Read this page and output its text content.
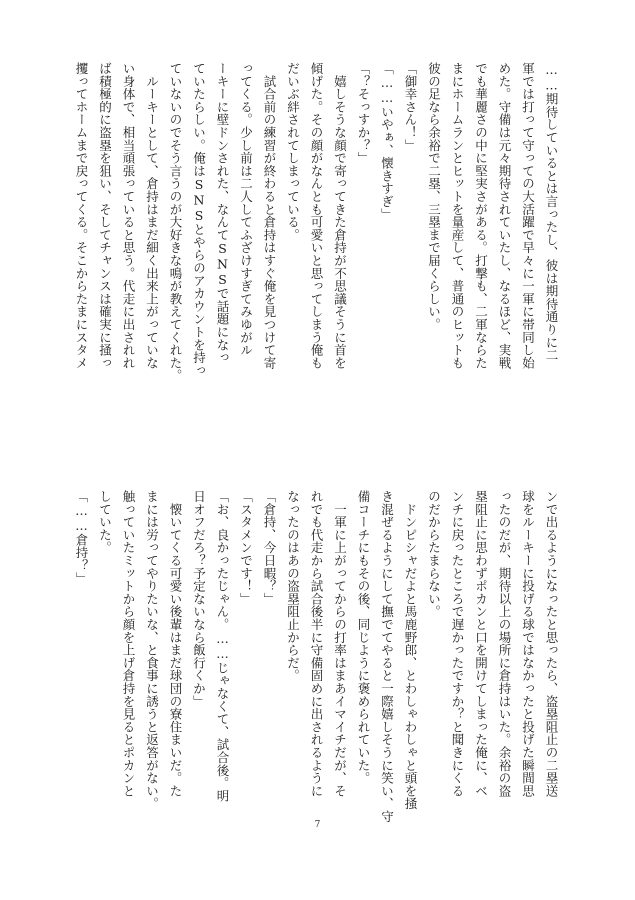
……期待しているとは言ったし、彼は期待通りに二
軍では打って守っての大活躍で早々に一軍に帯同し始
めた。守備は元々期待されていたし、なるほど、実戦
でも華麗さの中に堅実さがある。打撃も、二軍ならた
まにホームランとヒットを量産して、普通のヒットも
彼の足なら余裕で二塁、三塁まで届くらしい。
「御幸さん！」
「……いやぁ、懐きすぎ」
「？そっすか？」
　嬉しそうな顔で寄ってきた倉持が不思議そうに首を
傾げた。その顔がなんとも可愛いと思ってしまう俺も
だいぶ絆されてしまっている。
　試合前の練習が終わると倉持はすぐ俺を見つけて寄
ってくる。少し前は二人してふざけすぎてみゆがル
ーキーに壁ドンされた、なんてSNSで話題になっ
ていたらしい。俺はSNSとやらのアカウントを持っ
ていないのでそう言うのが大好きな鳴が教えてくれた。
　ルーキーとして、倉持はまだ細く出来上がっていな
い身体で、相当頑張っていると思う。代走に出されれ
ば積極的に盗塁を狙い、そしてチャンスは確実に掻っ
攫ってホームまで戻ってくる。そこからたまにスタメ
ンで出るようになったと思ったら、盗塁阻止の二塁送
球をルーキーに投げる球ではなかったと投げた瞬間思
ったのだが、期待以上の場所に倉持はいた。余裕の盗
塁阻止に思わずポカンと口を開けてしまった俺に、ベ
ンチに戻ったところで遅かったですか？と聞きにくる
のだからたまらない。
　ドンピシャだよと馬鹿野郎、とわしゃわしゃと頭を掻
き混ぜるようにして撫でてやると一際嬉しそうに笑い、守
備コーチにもその後、同じように褒められていた。
　一軍に上がってからの打率はまあイマイチだが、そ
れでも代走から試合後半に守備固めに出されるように
なったのはあの盗塁阻止からだ。
「倉持、今日暇？」
「スタメンです！」
「お、良かったじゃん。……じゃなくて、試合後。明
日オフだろ？予定ないなら飯行くか」
　懐いてくる可愛い後輩はまだ球団の寮住まいだ。た
まには労ってやりたいな、と食事に誘うと返答がない。
触っていたミットから顔を上げ倉持を見るとポカンと
していた。
「……倉持？」
7
